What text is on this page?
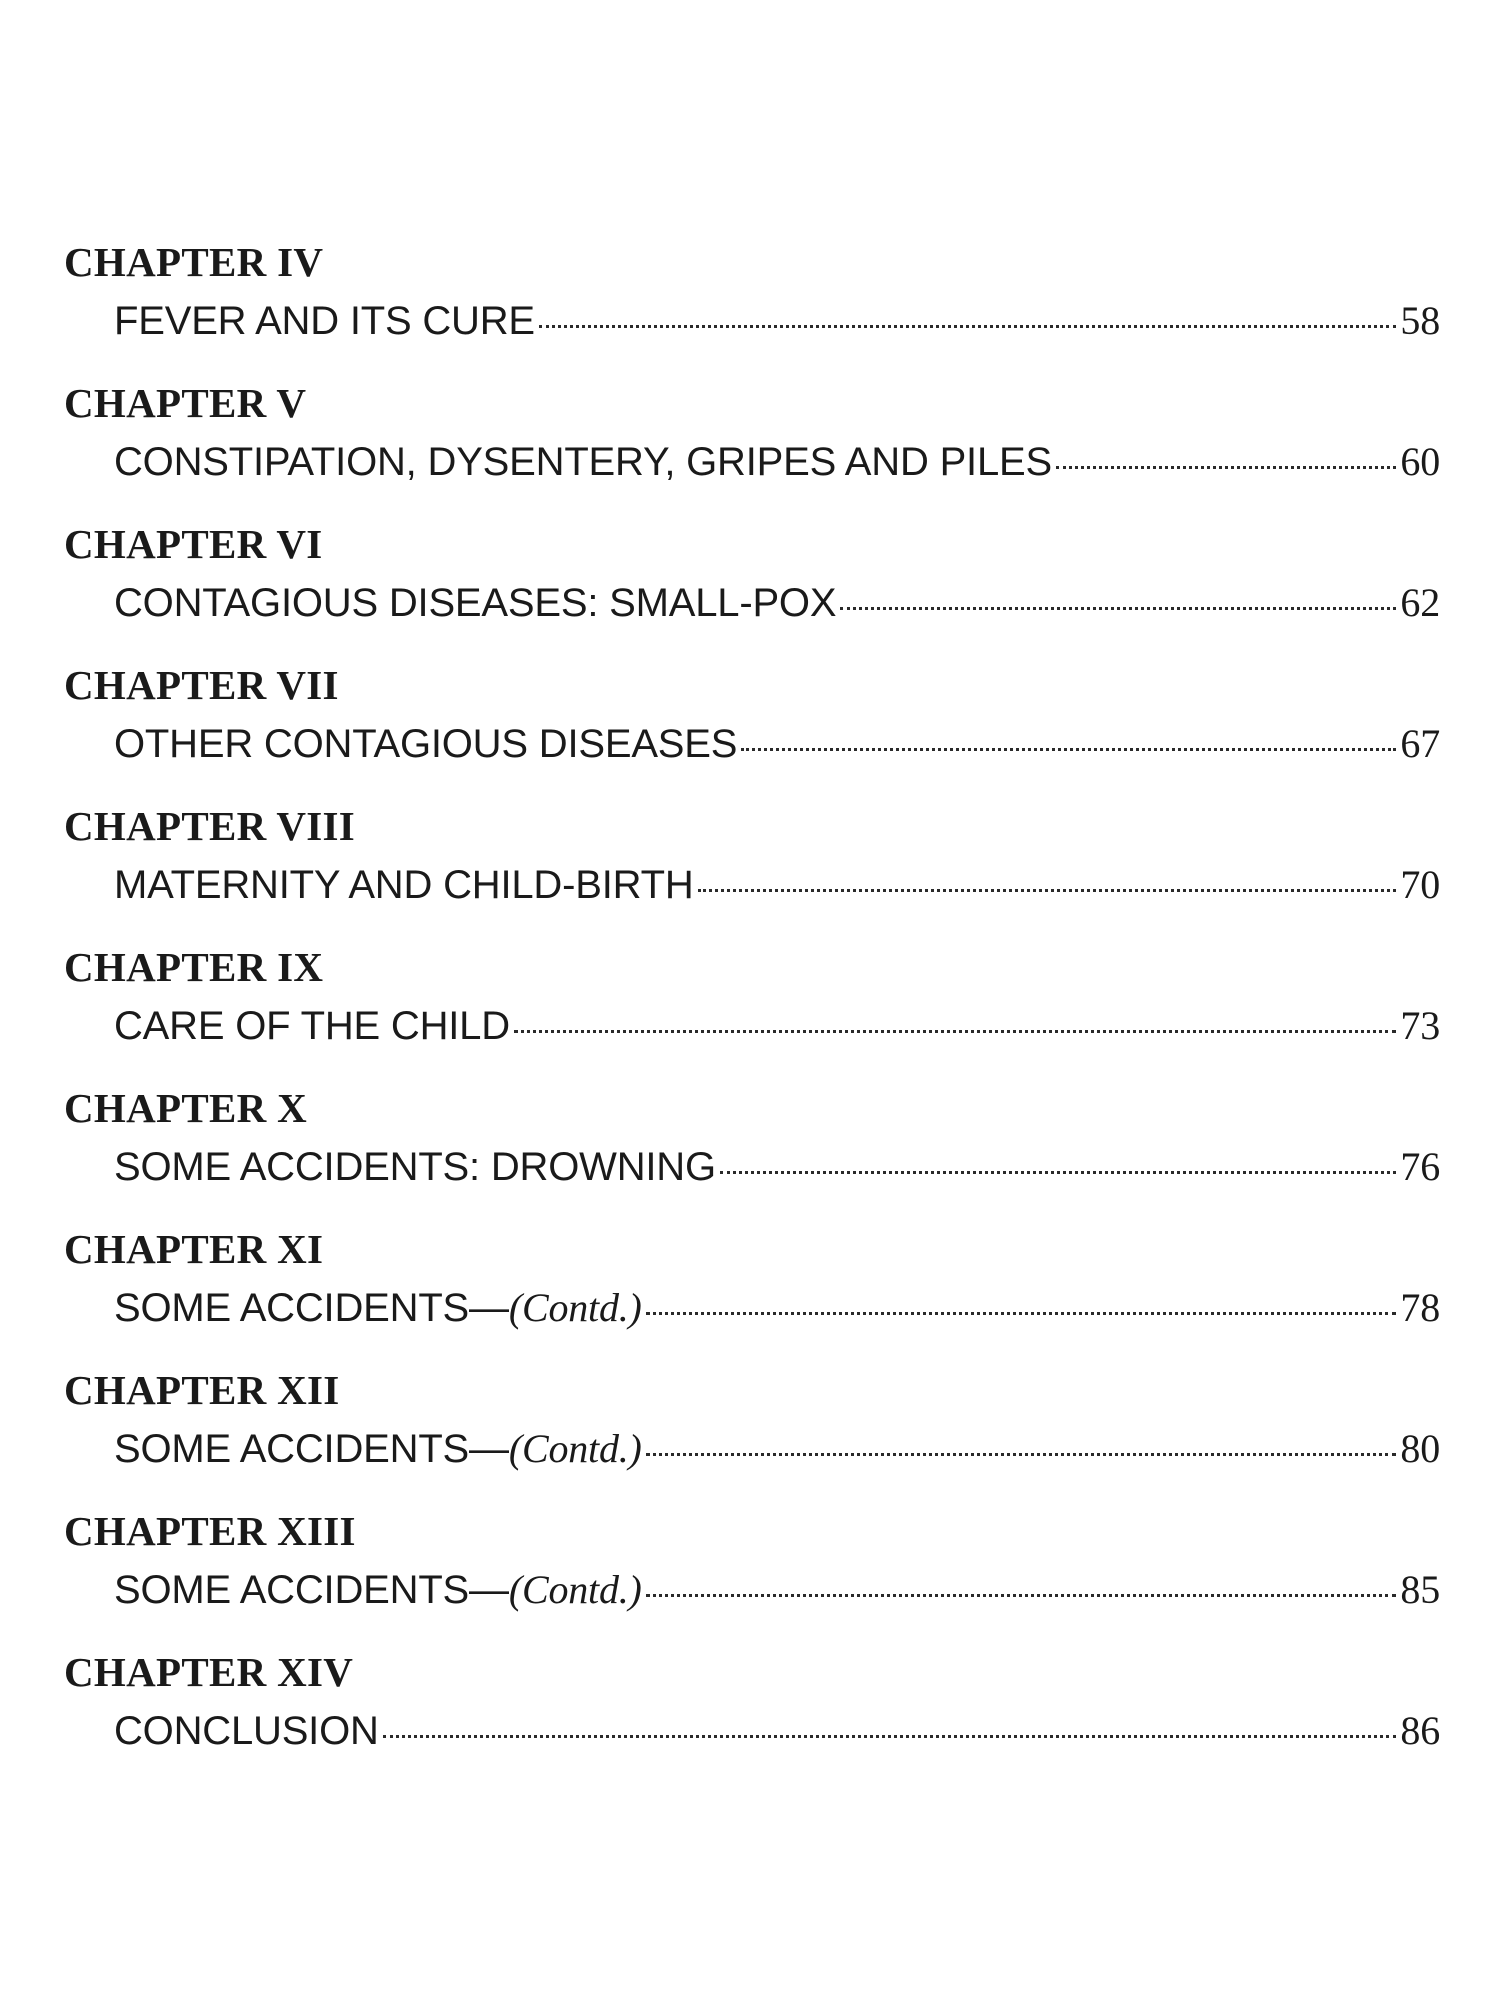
CHAPTER IV
FEVER AND ITS CURE	58
CHAPTER V
CONSTIPATION, DYSENTERY, GRIPES AND PILES	60
CHAPTER VI
CONTAGIOUS DISEASES: SMALL-POX	62
CHAPTER VII
OTHER CONTAGIOUS DISEASES	67
CHAPTER VIII
MATERNITY AND CHILD-BIRTH	70
CHAPTER IX
CARE OF THE CHILD	73
CHAPTER X
SOME ACCIDENTS: DROWNING	76
CHAPTER XI
SOME ACCIDENTS—(Contd.)	78
CHAPTER XII
SOME ACCIDENTS—(Contd.)	80
CHAPTER XIII
SOME ACCIDENTS—(Contd.)	85
CHAPTER XIV
CONCLUSION	86
